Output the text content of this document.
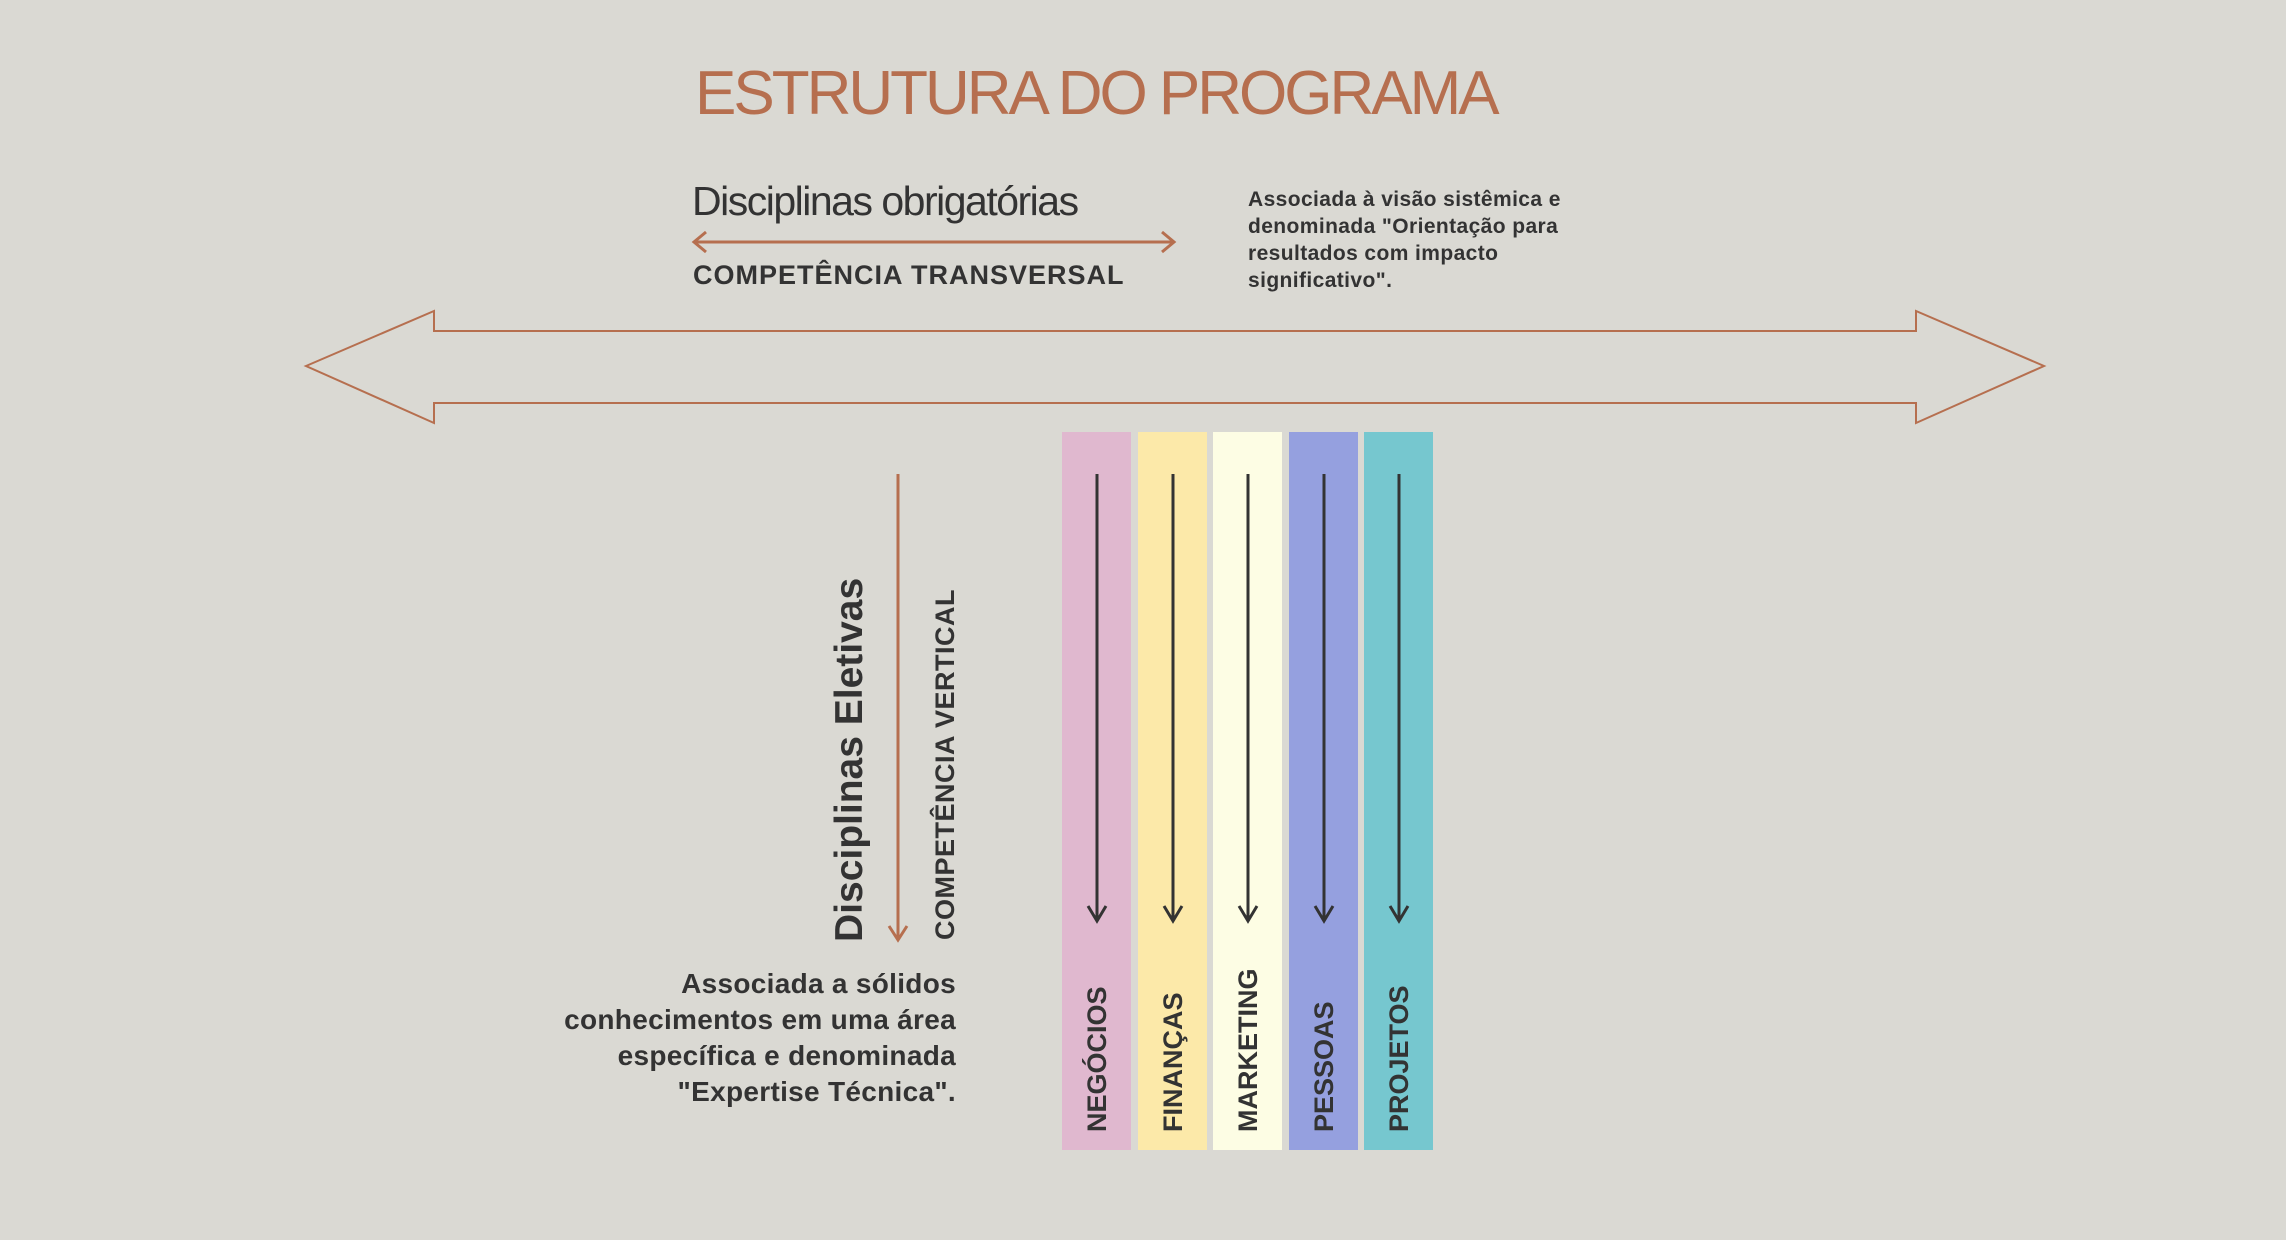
ESTRUTURA DO PROGRAMA
Disciplinas obrigatórias
COMPETÊNCIA TRANSVERSAL
Associada à visão sistêmica e denominada "Orientação para resultados com impacto significativo".
Disciplinas Eletivas COMPETÊNCIA VERTICAL
Associada a sólidos conhecimentos em uma área específica e denominada "Expertise Técnica".	NEGÓCIOS FINANÇAS MARKETING PESSOAS PROJETOS
